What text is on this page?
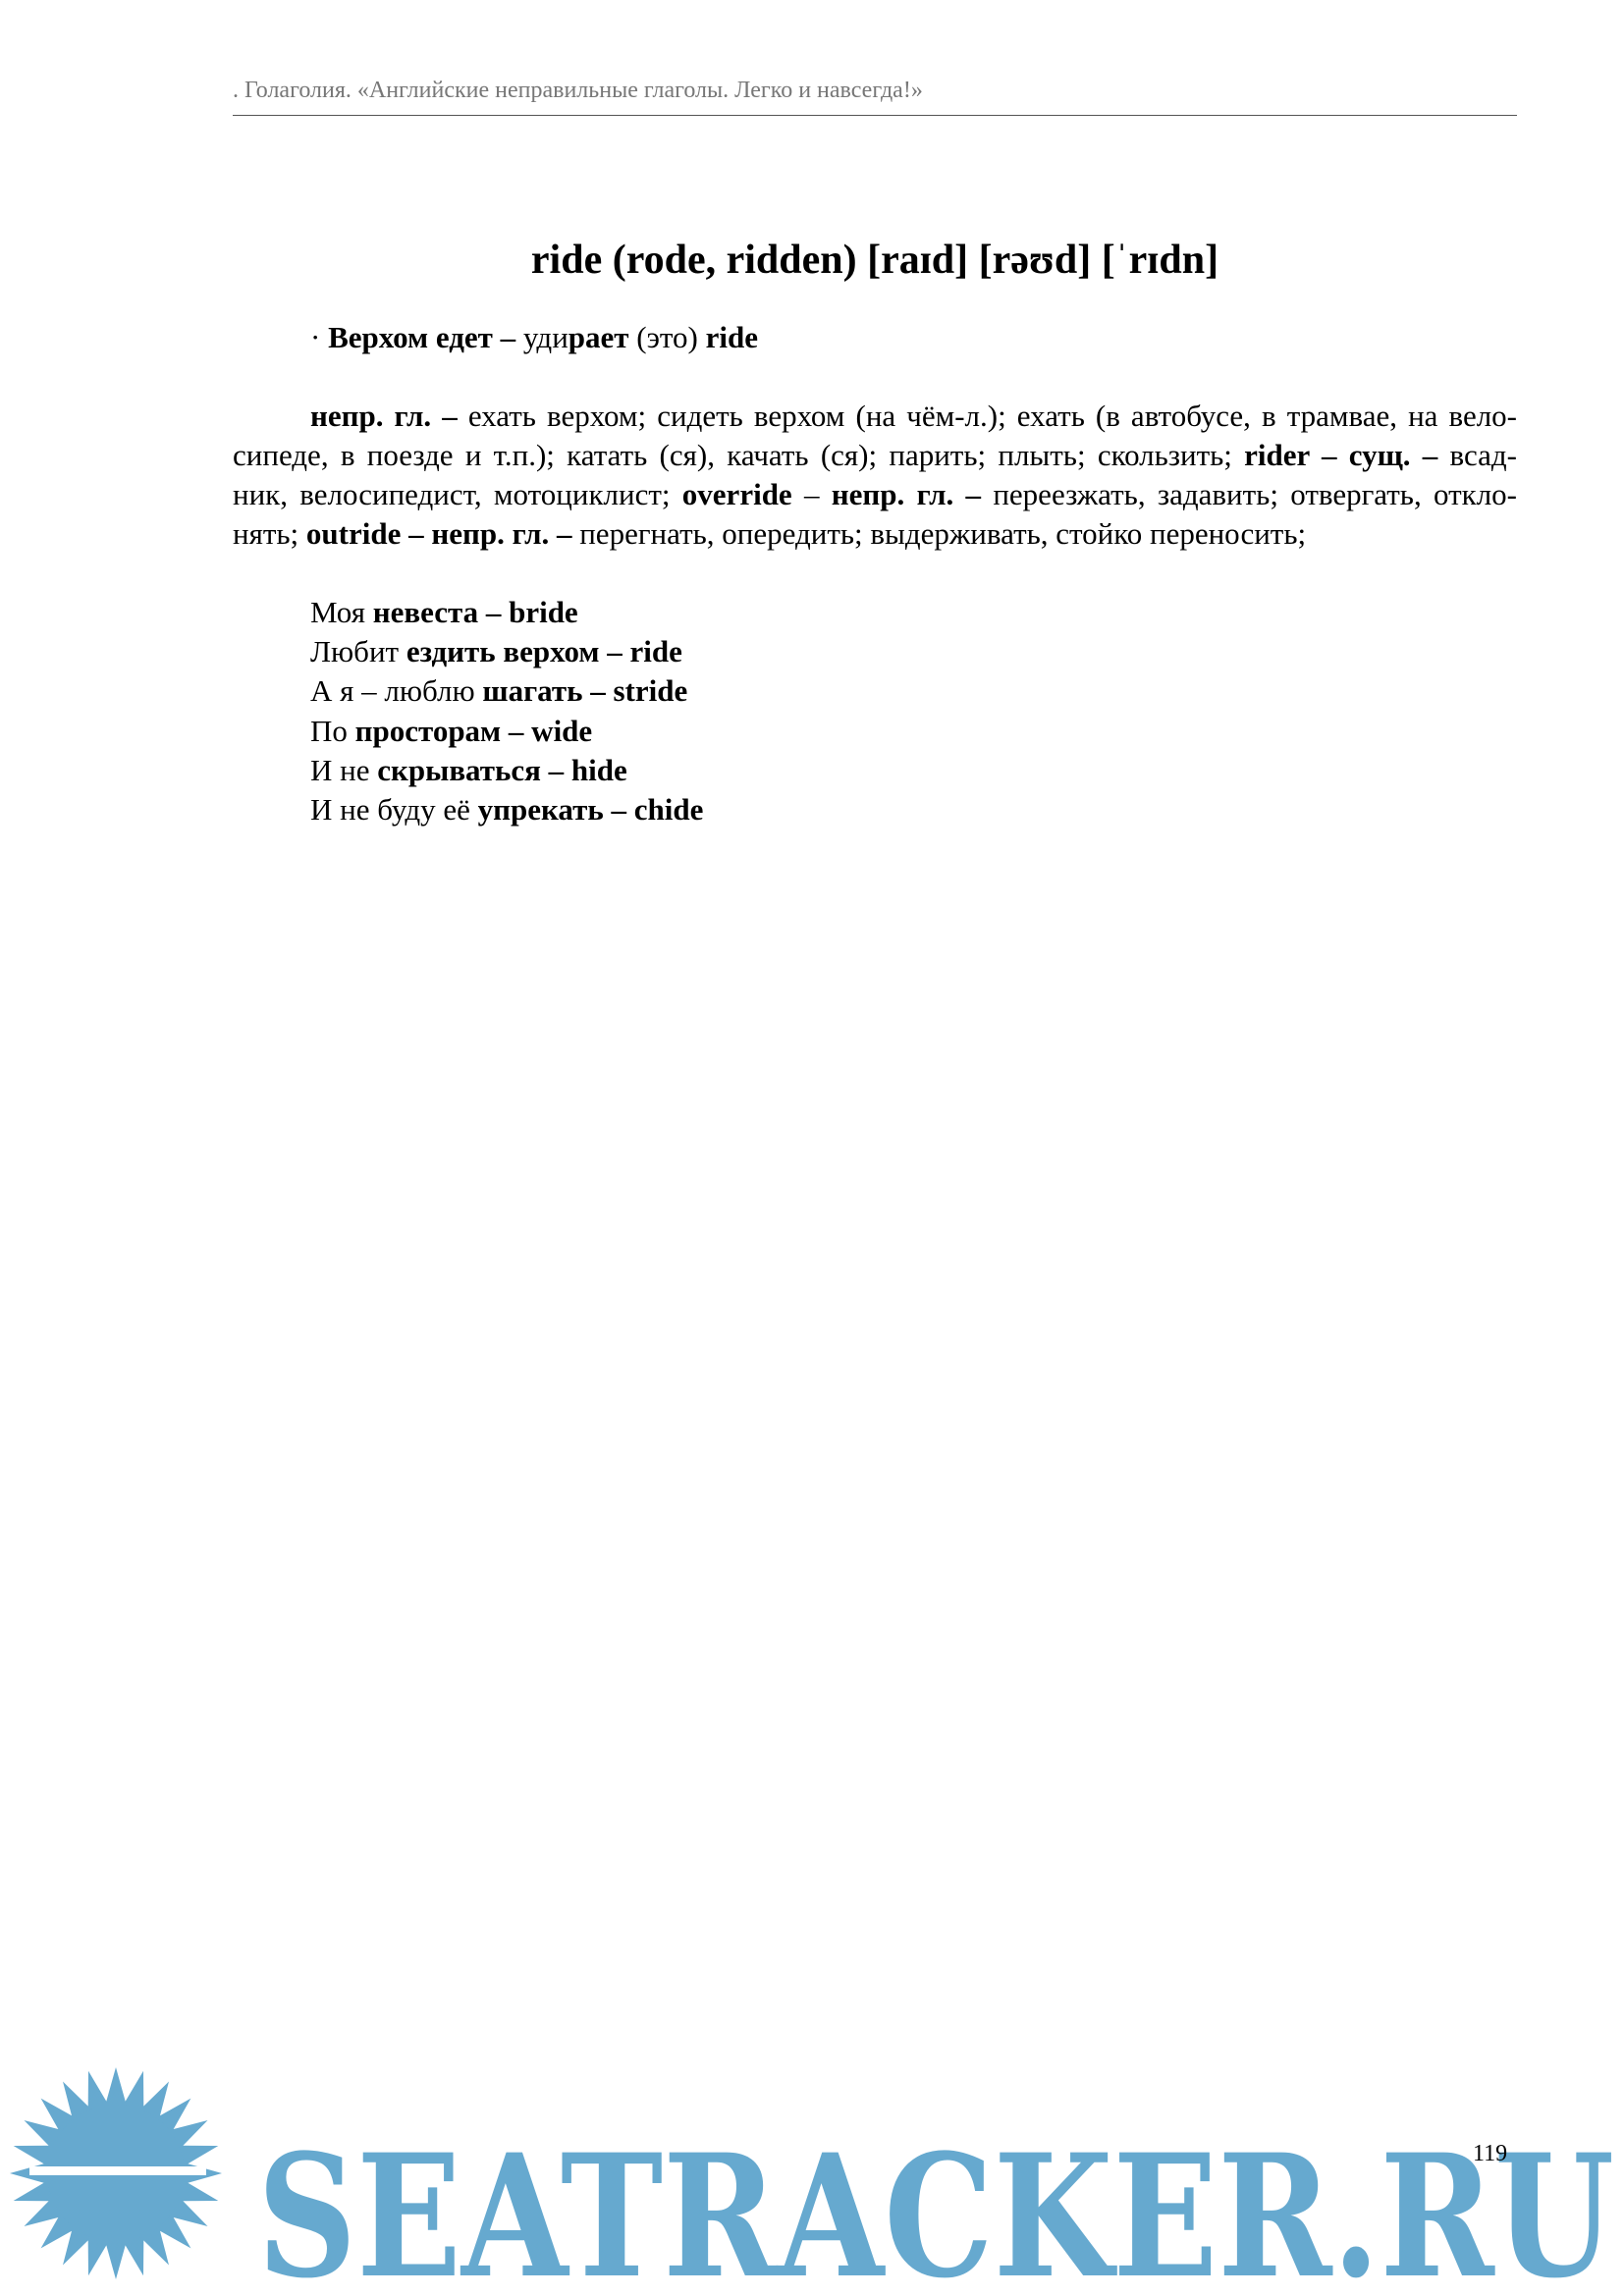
. Голаголия. «Английские неправильные глаголы. Легко и навсегда!»
ride (rode, ridden) [raɪd] [rəʊd] [ˈrɪdn]
· Верхом едет – удирает (это) ride
непр. гл. – ехать верхом; сидеть верхом (на чём-л.); ехать (в автобусе, в трамвае, на вело-
сипеде, в поезде и т.п.); катать (ся), качать (ся); парить; плыть; скользить; rider – сущ. – всад-
ник, велосипедист, мотоциклист; override – непр. гл. – переезжать, задавить; отвергать, откло-
нять; outride – непр. гл. – перегнать, опередить; выдерживать, стойко переносить;
Моя невеста – bride
Любит ездить верхом – ride
А я – люблю шагать – stride
По просторам – wide
И не скрываться – hide
И не буду её упрекать – chide
SEATRACKER.RU
119
